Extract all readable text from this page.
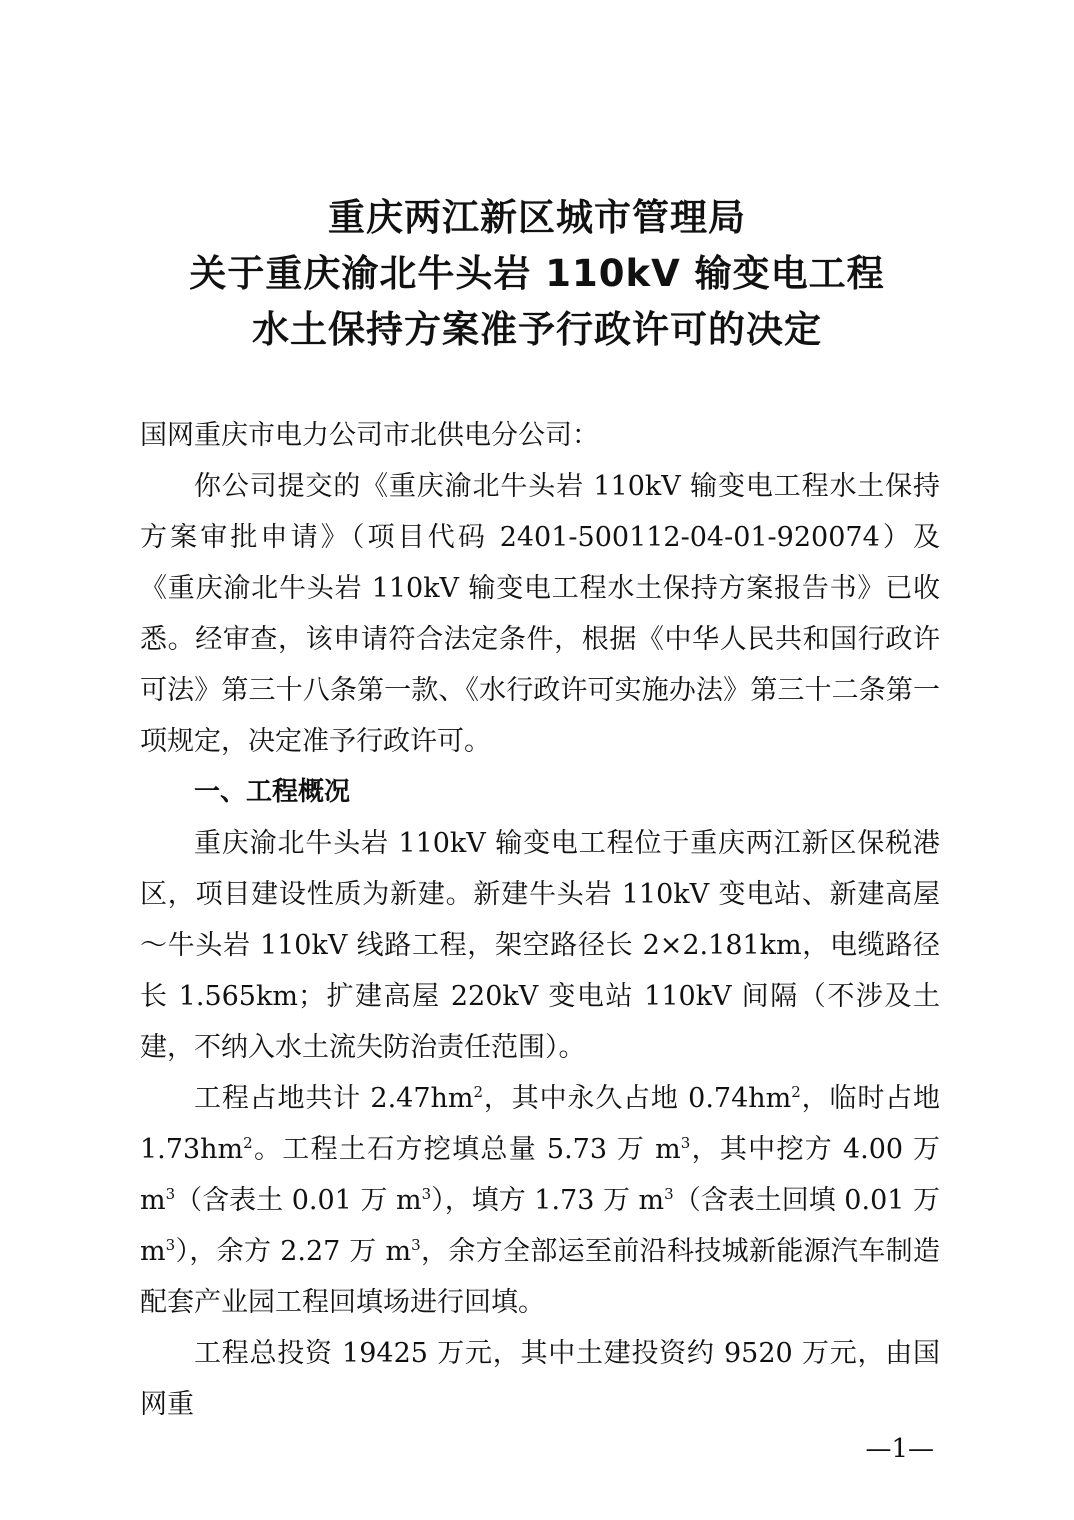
重庆两江新区城市管理局
关于重庆渝北牛头岩 110kV 输变电工程
水土保持方案准予行政许可的决定

国网重庆市电力公司市北供电分公司：

你公司提交的《重庆渝北牛头岩 110kV 输变电工程水土保持方案审批申请》（项目代码 2401-500112-04-01-920074）及《重庆渝北牛头岩 110kV 输变电工程水土保持方案报告书》已收悉。经审查，该申请符合法定条件，根据《中华人民共和国行政许可法》第三十八条第一款、《水行政许可实施办法》第三十二条第一项规定，决定准予行政许可。

一、工程概况

重庆渝北牛头岩 110kV 输变电工程位于重庆两江新区保税港区，项目建设性质为新建。新建牛头岩 110kV 变电站、新建高屋～牛头岩 110kV 线路工程，架空路径长 2×2.181km，电缆路径长 1.565km；扩建高屋 220kV 变电站 110kV 间隔（不涉及土建，不纳入水土流失防治责任范围）。

工程占地共计 $2.47hm^2$，其中永久占地 $0.74hm^2$，临时占地 $1.73hm^2$。工程土石方挖填总量 5.73 万 $m^3$，其中挖方 4.00 万 $m^3$（含表土 0.01 万 $m^3$），填方 1.73 万 $m^3$（含表土回填 0.01 万 $m^3$），余方 2.27 万 $m^3$，余方全部运至前沿科技城新能源汽车制造配套产业园工程回填场进行回填。

工程总投资 19425 万元，其中土建投资约 9520 万元，由国网重

—1—
